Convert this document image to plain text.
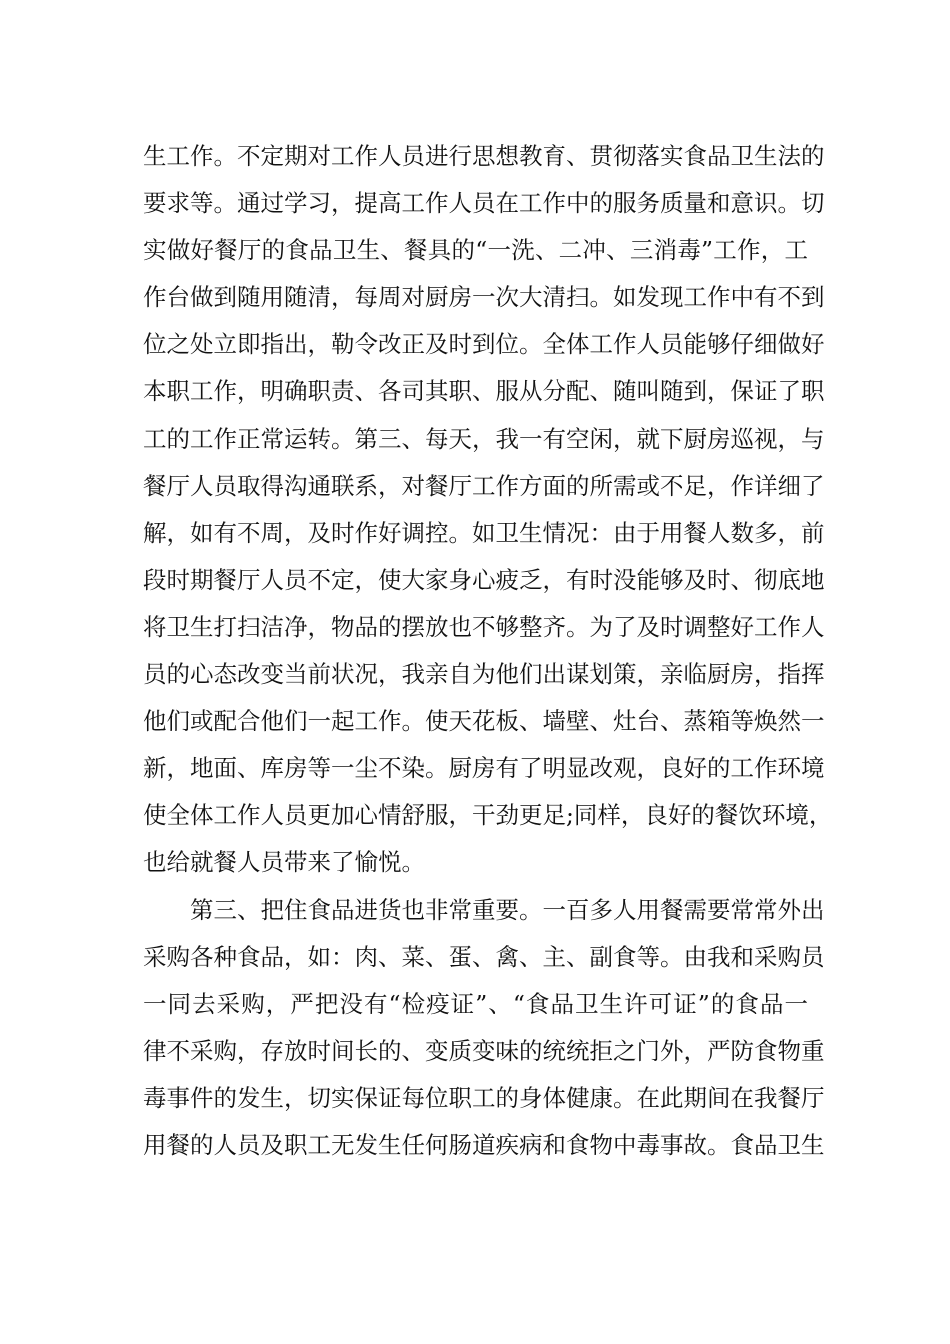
生工作。不定期对工作人员进行思想教育、贯彻落实食品卫生法的
要求等。通过学习，提高工作人员在工作中的服务质量和意识。切
实做好餐厅的食品卫生、餐具的“一洗、二冲、三消毒”工作，工
作台做到随用随清，每周对厨房一次大清扫。如发现工作中有不到
位之处立即指出，勒令改正及时到位。全体工作人员能够仔细做好
本职工作，明确职责、各司其职、服从分配、随叫随到，保证了职
工的工作正常运转。第三、每天，我一有空闲，就下厨房巡视，与
餐厅人员取得沟通联系，对餐厅工作方面的所需或不足，作详细了
解，如有不周，及时作好调控。如卫生情况：由于用餐人数多，前
段时期餐厅人员不定，使大家身心疲乏，有时没能够及时、彻底地
将卫生打扫洁净，物品的摆放也不够整齐。为了及时调整好工作人
员的心态改变当前状况，我亲自为他们出谋划策，亲临厨房，指挥
他们或配合他们一起工作。使天花板、墙壁、灶台、蒸箱等焕然一
新，地面、库房等一尘不染。厨房有了明显改观，良好的工作环境
使全体工作人员更加心情舒服，干劲更足;同样，良好的餐饮环境，
也给就餐人员带来了愉悦。
第三、把住食品进货也非常重要。一百多人用餐需要常常外出
采购各种食品，如：肉、菜、蛋、禽、主、副食等。由我和采购员
一同去采购，严把没有“检疫证”、“食品卫生许可证”的食品一
律不采购，存放时间长的、变质变味的统统拒之门外，严防食物重
毒事件的发生，切实保证每位职工的身体健康。在此期间在我餐厅
用餐的人员及职工无发生任何肠道疾病和食物中毒事故。食品卫生
